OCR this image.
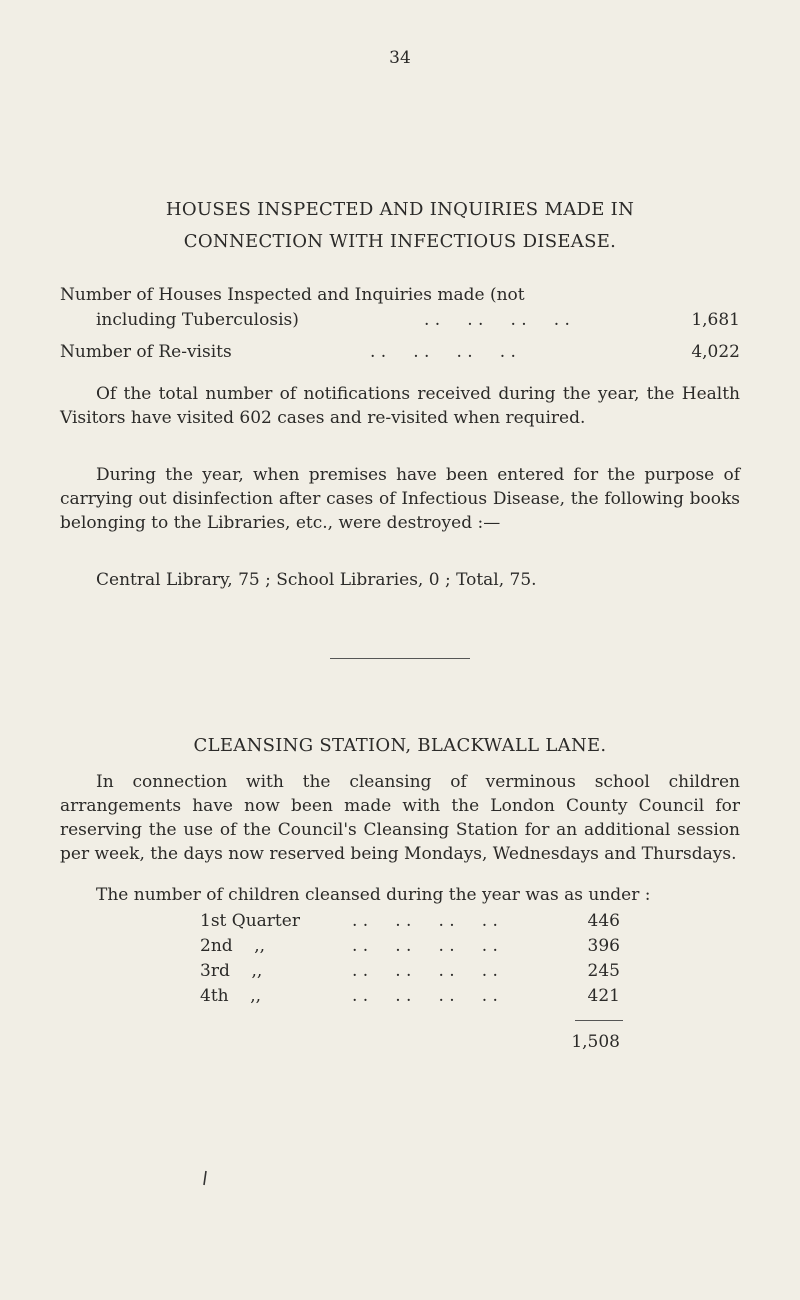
34
HOUSES INSPECTED AND INQUIRIES MADE IN
CONNECTION WITH INFECTIOUS DISEASE.
Number of Houses Inspected and Inquiries made (not
including Tuberculosis)	. .     . .     . .     . .	1,681
Number of Re-visits	. .     . .     . .     . .	4,022
Of the total number of notifications received during the year, the Health Visitors have visited 602 cases and re-visited when required.
During the year, when premises have been entered for the purpose of carrying out disinfection after cases of Infectious Disease, the following books belonging to the Libraries, etc., were destroyed :—
Central Library, 75 ; School Libraries, 0 ; Total, 75.
CLEANSING STATION, BLACKWALL LANE.
In connection with the cleansing of verminous school children arrangements have now been made with the London County Council for reserving the use of the Council's Cleansing Station for an additional session per week, the days now reserved being Mondays, Wednesdays and Thursdays.
The number of children cleansed during the year was as under :
1st Quarter	. .     . .     . .     . .	446
2nd    ,,	. .     . .     . .     . .	396
3rd    ,,	. .     . .     . .     . .	245
4th    ,,	. .     . .     . .     . .	421
1,508
